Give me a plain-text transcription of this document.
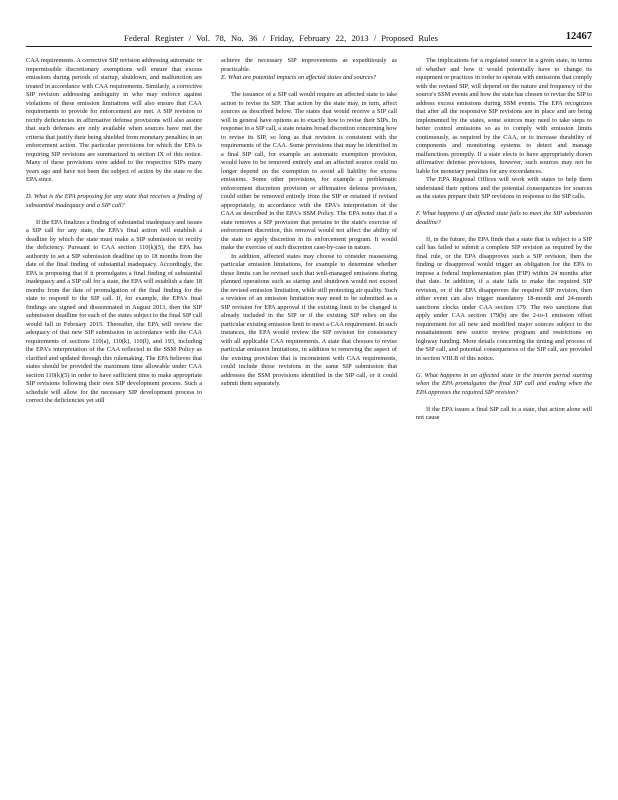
Federal Register / Vol. 78, No. 36 / Friday, February 22, 2013 / Proposed Rules	12467

CAA requirements. A corrective SIP revision addressing automatic or impermissible discretionary exemptions will ensure that excess emissions during periods of startup, shutdown, and malfunction are treated in accordance with CAA requirements. Similarly, a corrective SIP revision addressing ambiguity in who may enforce against violations of these emission limitations will also ensure that CAA requirements to provide for enforcement are met. A SIP revision to rectify deficiencies in affirmative defense provisions will also assure that such defenses are only available when sources have met the criteria that justify their being shielded from monetary penalties in an enforcement action. The particular provisions for which the EPA is requiring SIP revisions are summarized in section IX of this notice. Many of these provisions were added to the respective SIPs many years ago and have not been the subject of action by the state or the EPA since.

D. What is the EPA proposing for any state that receives a finding of substantial inadequacy and a SIP call?

If the EPA finalizes a finding of substantial inadequacy and issues a SIP call for any state, the EPA's final action will establish a deadline by which the state must make a SIP submission to rectify the deficiency. Pursuant to CAA section 110(k)(5), the EPA has authority to set a SIP submission deadline up to 18 months from the date of the final finding of substantial inadequacy. Accordingly, the EPA is proposing that if it promulgates a final finding of substantial inadequacy and a SIP call for a state, the EPA will establish a date 18 months from the date of promulgation of the final finding for the state to respond to the SIP call. If, for example, the EPA's final findings are signed and disseminated in August 2013, then the SIP submission deadline for each of the states subject to the final SIP call would fall in February 2015. Thereafter, the EPA will review the adequacy of that new SIP submission in accordance with the CAA requirements of sections 110(a), 110(k), 110(l), and 193, including the EPA's interpretation of the CAA reflected in the SSM Policy as clarified and updated through this rulemaking. The EPA believes that states should be provided the maximum time allowable under CAA section 110(k)(5) in order to have sufficient time to make appropriate SIP revisions following their own SIP development process. Such a schedule will allow for the necessary SIP development process to correct the deficiencies yet still

achieve the necessary SIP improvements as expeditiously as practicable.

E. What are potential impacts on affected states and sources?

The issuance of a SIP call would require an affected state to take action to revise its SIP. That action by the state may, in turn, affect sources as described below. The states that would receive a SIP call will in general have options as to exactly how to revise their SIPs. In response to a SIP call, a state retains broad discretion concerning how to revise its SIP, so long as that revision is consistent with the requirements of the CAA. Some provisions that may be identified in a final SIP call, for example an automatic exemption provision, would have to be removed entirely and an affected source could no longer depend on the exemption to avoid all liability for excess emissions. Some other provisions, for example a problematic enforcement discretion provision or affirmative defense provision, could either be removed entirely from the SIP or retained if revised appropriately, in accordance with the EPA's interpretation of the CAA as described in the EPA's SSM Policy. The EPA notes that if a state removes a SIP provision that pertains to the state's exercise of enforcement discretion, this removal would not affect the ability of the state to apply discretion in its enforcement program. It would make the exercise of such discretion case-by-case in nature.

In addition, affected states may choose to consider reassessing particular emission limitations, for example to determine whether those limits can be revised such that well-managed emissions during planned operations such as startup and shutdown would not exceed the revised emission limitation, while still protecting air quality. Such a revision of an emission limitation may need to be submitted as a SIP revision for EPA approval if the existing limit to be changed is already included in the SIP or if the existing SIP relies on the particular existing emission limit to meet a CAA requirement. In such instances, the EPA would review the SIP revision for consistency with all applicable CAA requirements. A state that chooses to revise particular emission limitations, in addition to removing the aspect of the existing provision that is inconsistent with CAA requirements, could include those revisions in the same SIP submission that addresses the SSM provisions identified in the SIP call, or it could submit them separately.

The implications for a regulated source in a given state, in terms of whether and how it would potentially have to change its equipment or practices in order to operate with emissions that comply with the revised SIP, will depend on the nature and frequency of the source's SSM events and how the state has chosen to revise the SIP to address excess emissions during SSM events. The EPA recognizes that after all the responsive SIP revisions are in place and are being implemented by the states, some sources may need to take steps to better control emissions so as to comply with emission limits continuously, as required by the CAA, or to increase durability of components and monitoring systems to detect and manage malfunctions promptly. If a state elects to have appropriately drawn affirmative defense provisions, however, such sources may not be liable for monetary penalties for any exceedances.

The EPA Regional Offices will work with states to help them understand their options and the potential consequences for sources as the states prepare their SIP revisions in response to the SIP calls.

F. What happens if an affected state fails to meet the SIP submission deadline?

If, in the future, the EPA finds that a state that is subject to a SIP call has failed to submit a complete SIP revision as required by the final rule, or the EPA disapproves such a SIP revision, then the finding or disapproval would trigger an obligation for the EPA to impose a federal implementation plan (FIP) within 24 months after that date. In addition, if a state fails to make the required SIP revision, or if the EPA disapproves the required SIP revision, then either event can also trigger mandatory 18-month and 24-month sanctions clocks under CAA section 179. The two sanctions that apply under CAA section 179(b) are the 2-to-1 emission offset requirement for all new and modified major sources subject to the nonattainment new source review program and restrictions on highway funding. More details concerning the timing and process of the SIP call, and potential consequences of the SIP call, are provided in section VIII.B of this notice.

G. What happens in an affected state in the interim period starting when the EPA promulgates the final SIP call and ending when the EPA approves the required SIP revision?

If the EPA issues a final SIP call to a state, that action alone will not cause
